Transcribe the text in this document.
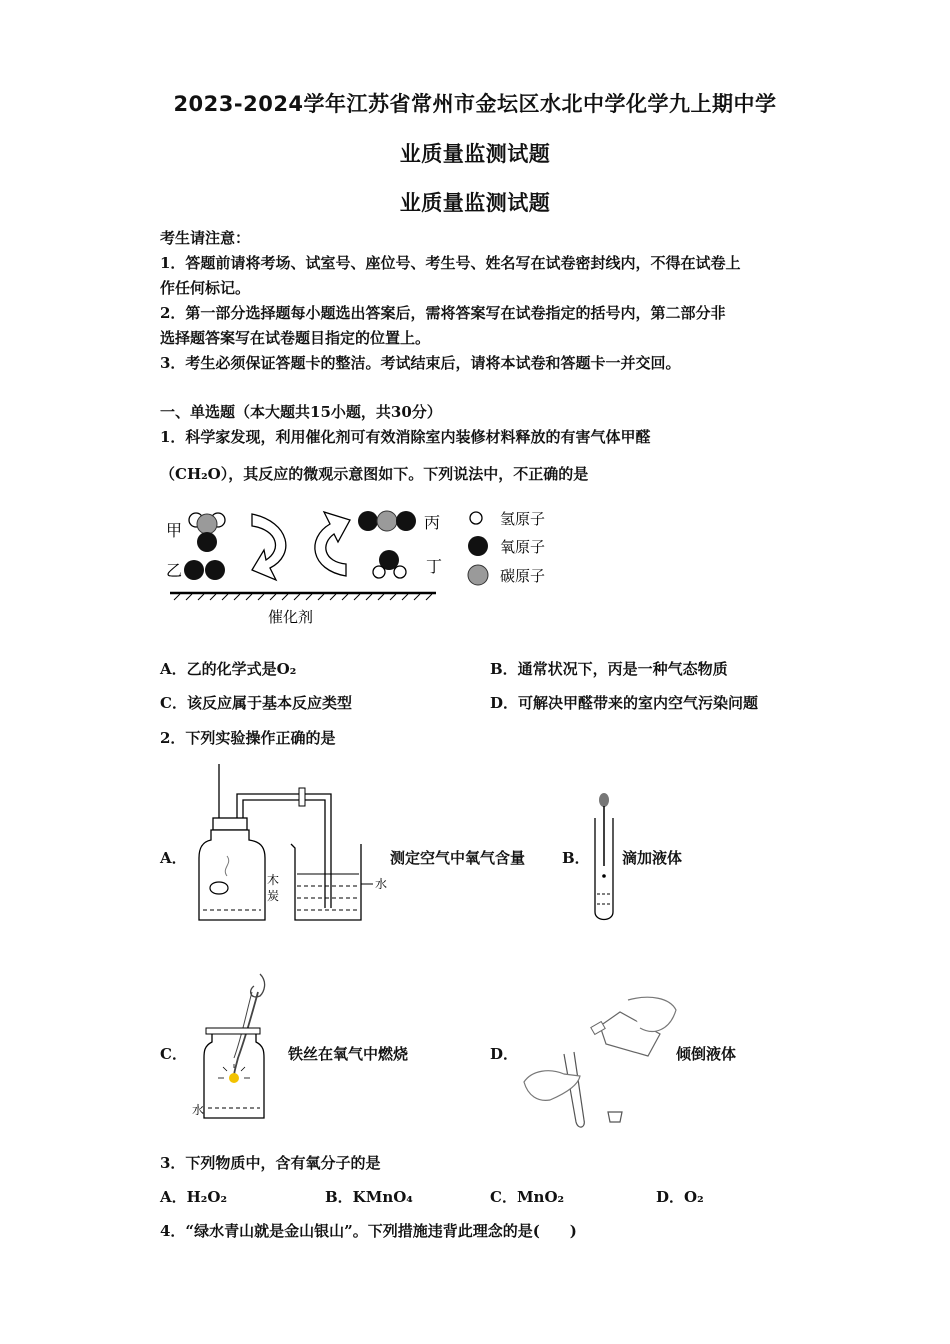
2023-2024学年江苏省常州市金坛区水北中学化学九上期中学
业质量监测试题
业质量监测试题
考生请注意：
1．答题前请将考场、试室号、座位号、考生号、姓名写在试卷密封线内，不得在试卷上
作任何标记。
2．第一部分选择题每小题选出答案后，需将答案写在试卷指定的括号内，第二部分非
选择题答案写在试卷题目指定的位置上。
3．考生必须保证答题卡的整洁。考试结束后，请将本试卷和答题卡一并交回。
一、单选题（本大题共15小题，共30分）
1．科学家发现，利用催化剂可有效消除室内装修材料释放的有害气体甲醛
（CH₂O），其反应的微观示意图如下。下列说法中，不正确的是
甲
乙
丙
丁
催化剂
氢原子
氧原子
碳原子
A．乙的化学式是O₂	B．通常状况下，丙是一种气态物质
C．该反应属于基本反应类型	D．可解决甲醛带来的室内空气污染问题
2．下列实验操作正确的是
A．
木
炭
水
测定空气中氧气含量 B． 滴加液体
C．
水
铁丝在氧气中燃烧	D．	倾倒液体
3．下列物质中，含有氧分子的是
A．H₂O₂	B．KMnO₄	C．MnO₂	D．O₂
4．“绿水青山就是金山银山”。下列措施违背此理念的是(　　)
